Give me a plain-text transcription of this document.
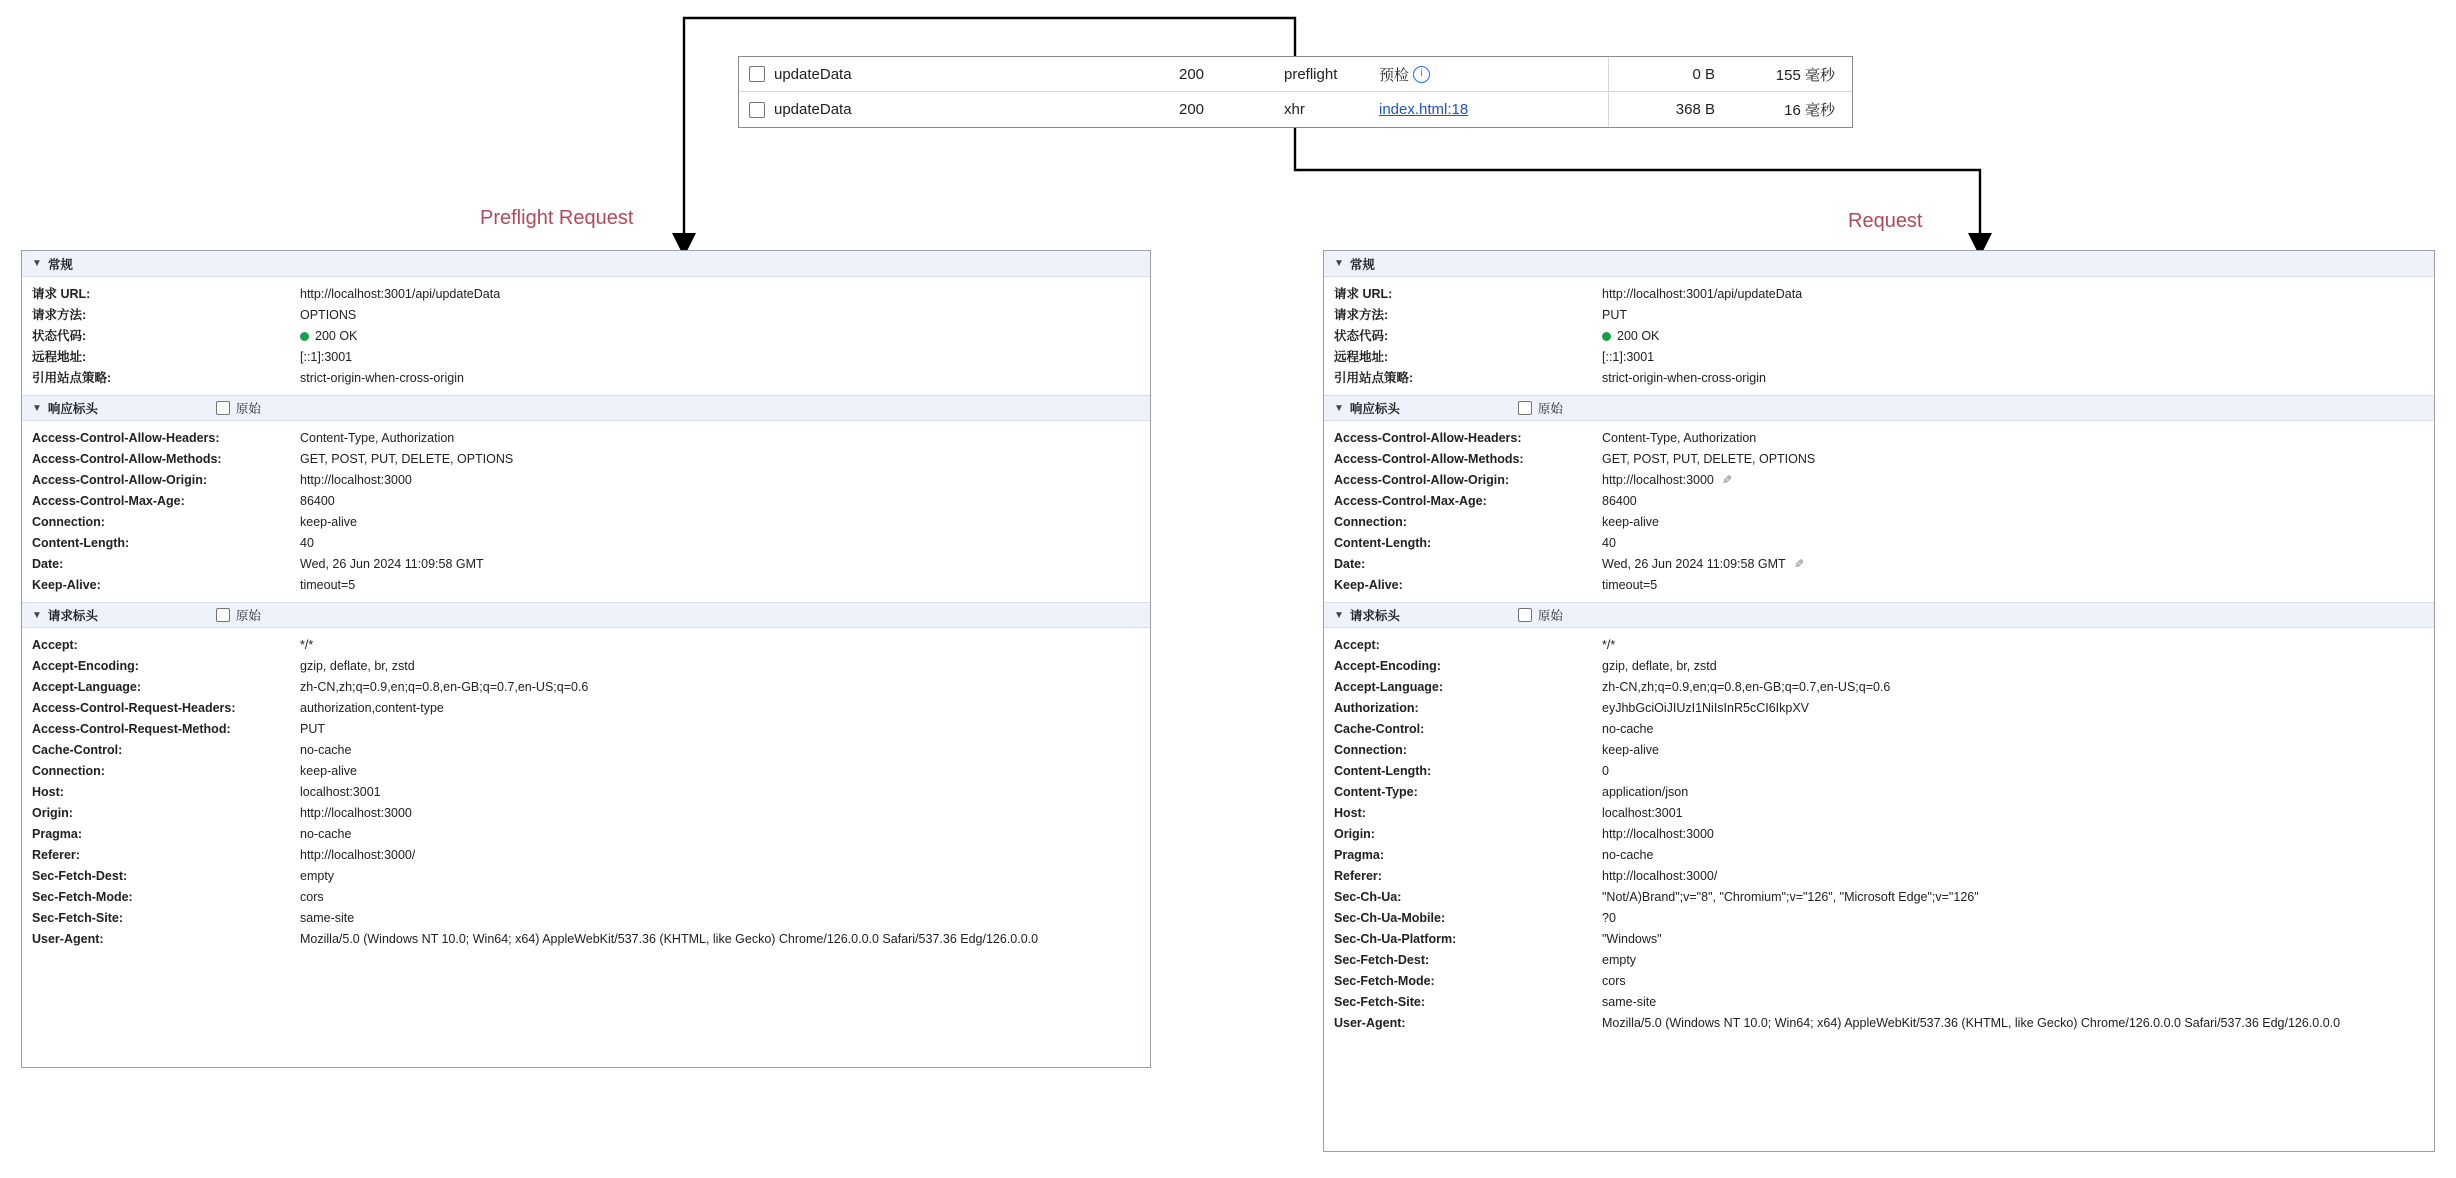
Preflight Request	Request
updateData	200	preflight	预检	i	0 B	155 毫秒
updateData	200	xhr	index.html:18	368 B	16 毫秒
▼ 常规
请求 URL:	http://localhost:3001/api/updateData
请求方法:	OPTIONS
状态代码:	200 OK
远程地址:	[::1]:3001
引用站点策略:	strict-origin-when-cross-origin
▼ 响应标头	原始
Access-Control-Allow-Headers:	Content-Type, Authorization
Access-Control-Allow-Methods:	GET, POST, PUT, DELETE, OPTIONS
Access-Control-Allow-Origin:	http://localhost:3000
Access-Control-Max-Age:	86400
Connection:	keep-alive
Content-Length:	40
Date:	Wed, 26 Jun 2024 11:09:58 GMT
Keep-Alive:	timeout=5
▼ 请求标头	原始
Accept:	*/*
Accept-Encoding:	gzip, deflate, br, zstd
Accept-Language:	zh-CN,zh;q=0.9,en;q=0.8,en-GB;q=0.7,en-US;q=0.6
Access-Control-Request-Headers:	authorization,content-type
Access-Control-Request-Method:	PUT
Cache-Control:	no-cache
Connection:	keep-alive
Host:	localhost:3001
Origin:	http://localhost:3000
Pragma:	no-cache
Referer:	http://localhost:3000/
Sec-Fetch-Dest:	empty
Sec-Fetch-Mode:	cors
Sec-Fetch-Site:	same-site
User-Agent:	Mozilla/5.0 (Windows NT 10.0; Win64; x64) AppleWebKit/537.36 (KHTML, like Gecko) Chrome/126.0.0.0 Safari/537.36 Edg/126.0.0.0
▼ 常规
请求 URL:	http://localhost:3001/api/updateData
请求方法:	PUT
状态代码:	200 OK
远程地址:	[::1]:3001
引用站点策略:	strict-origin-when-cross-origin
▼ 响应标头	原始
Access-Control-Allow-Headers:	Content-Type, Authorization
Access-Control-Allow-Methods:	GET, POST, PUT, DELETE, OPTIONS
Access-Control-Allow-Origin:	http://localhost:3000 ✎
Access-Control-Max-Age:	86400
Connection:	keep-alive
Content-Length:	40
Date:	Wed, 26 Jun 2024 11:09:58 GMT ✎
Keep-Alive:	timeout=5
▼ 请求标头	原始
Accept:	*/*
Accept-Encoding:	gzip, deflate, br, zstd
Accept-Language:	zh-CN,zh;q=0.9,en;q=0.8,en-GB;q=0.7,en-US;q=0.6
Authorization:	eyJhbGciOiJIUzI1NiIsInR5cCI6IkpXV
Cache-Control:	no-cache
Connection:	keep-alive
Content-Length:	0
Content-Type:	application/json
Host:	localhost:3001
Origin:	http://localhost:3000
Pragma:	no-cache
Referer:	http://localhost:3000/
Sec-Ch-Ua:	"Not/A)Brand";v="8", "Chromium";v="126", "Microsoft Edge";v="126"
Sec-Ch-Ua-Mobile:	?0
Sec-Ch-Ua-Platform:	"Windows"
Sec-Fetch-Dest:	empty
Sec-Fetch-Mode:	cors
Sec-Fetch-Site:	same-site
User-Agent:	Mozilla/5.0 (Windows NT 10.0; Win64; x64) AppleWebKit/537.36 (KHTML, like Gecko) Chrome/126.0.0.0 Safari/537.36 Edg/126.0.0.0
